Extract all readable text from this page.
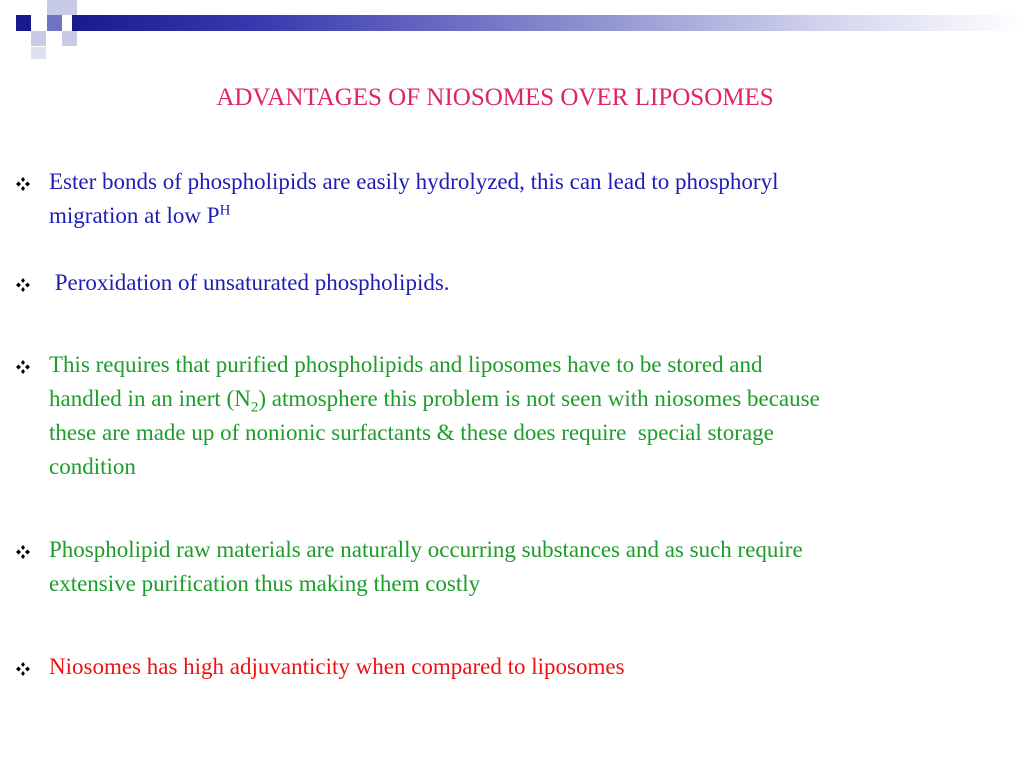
ADVANTAGES OF NIOSOMES OVER LIPOSOMES
Ester bonds of phospholipids are easily hydrolyzed, this can lead to phosphoryl
migration at low $P^H$
Peroxidation of unsaturated phospholipids.
This requires that purified phospholipids and liposomes have to be stored and
handled in an inert $(N_2)$ atmosphere this problem is not seen with niosomes because
these are made up of nonionic surfactants & these does require  special storage
condition
Phospholipid raw materials are naturally occurring substances and as such require
extensive purification thus making them costly
Niosomes has high adjuvanticity when compared to liposomes
